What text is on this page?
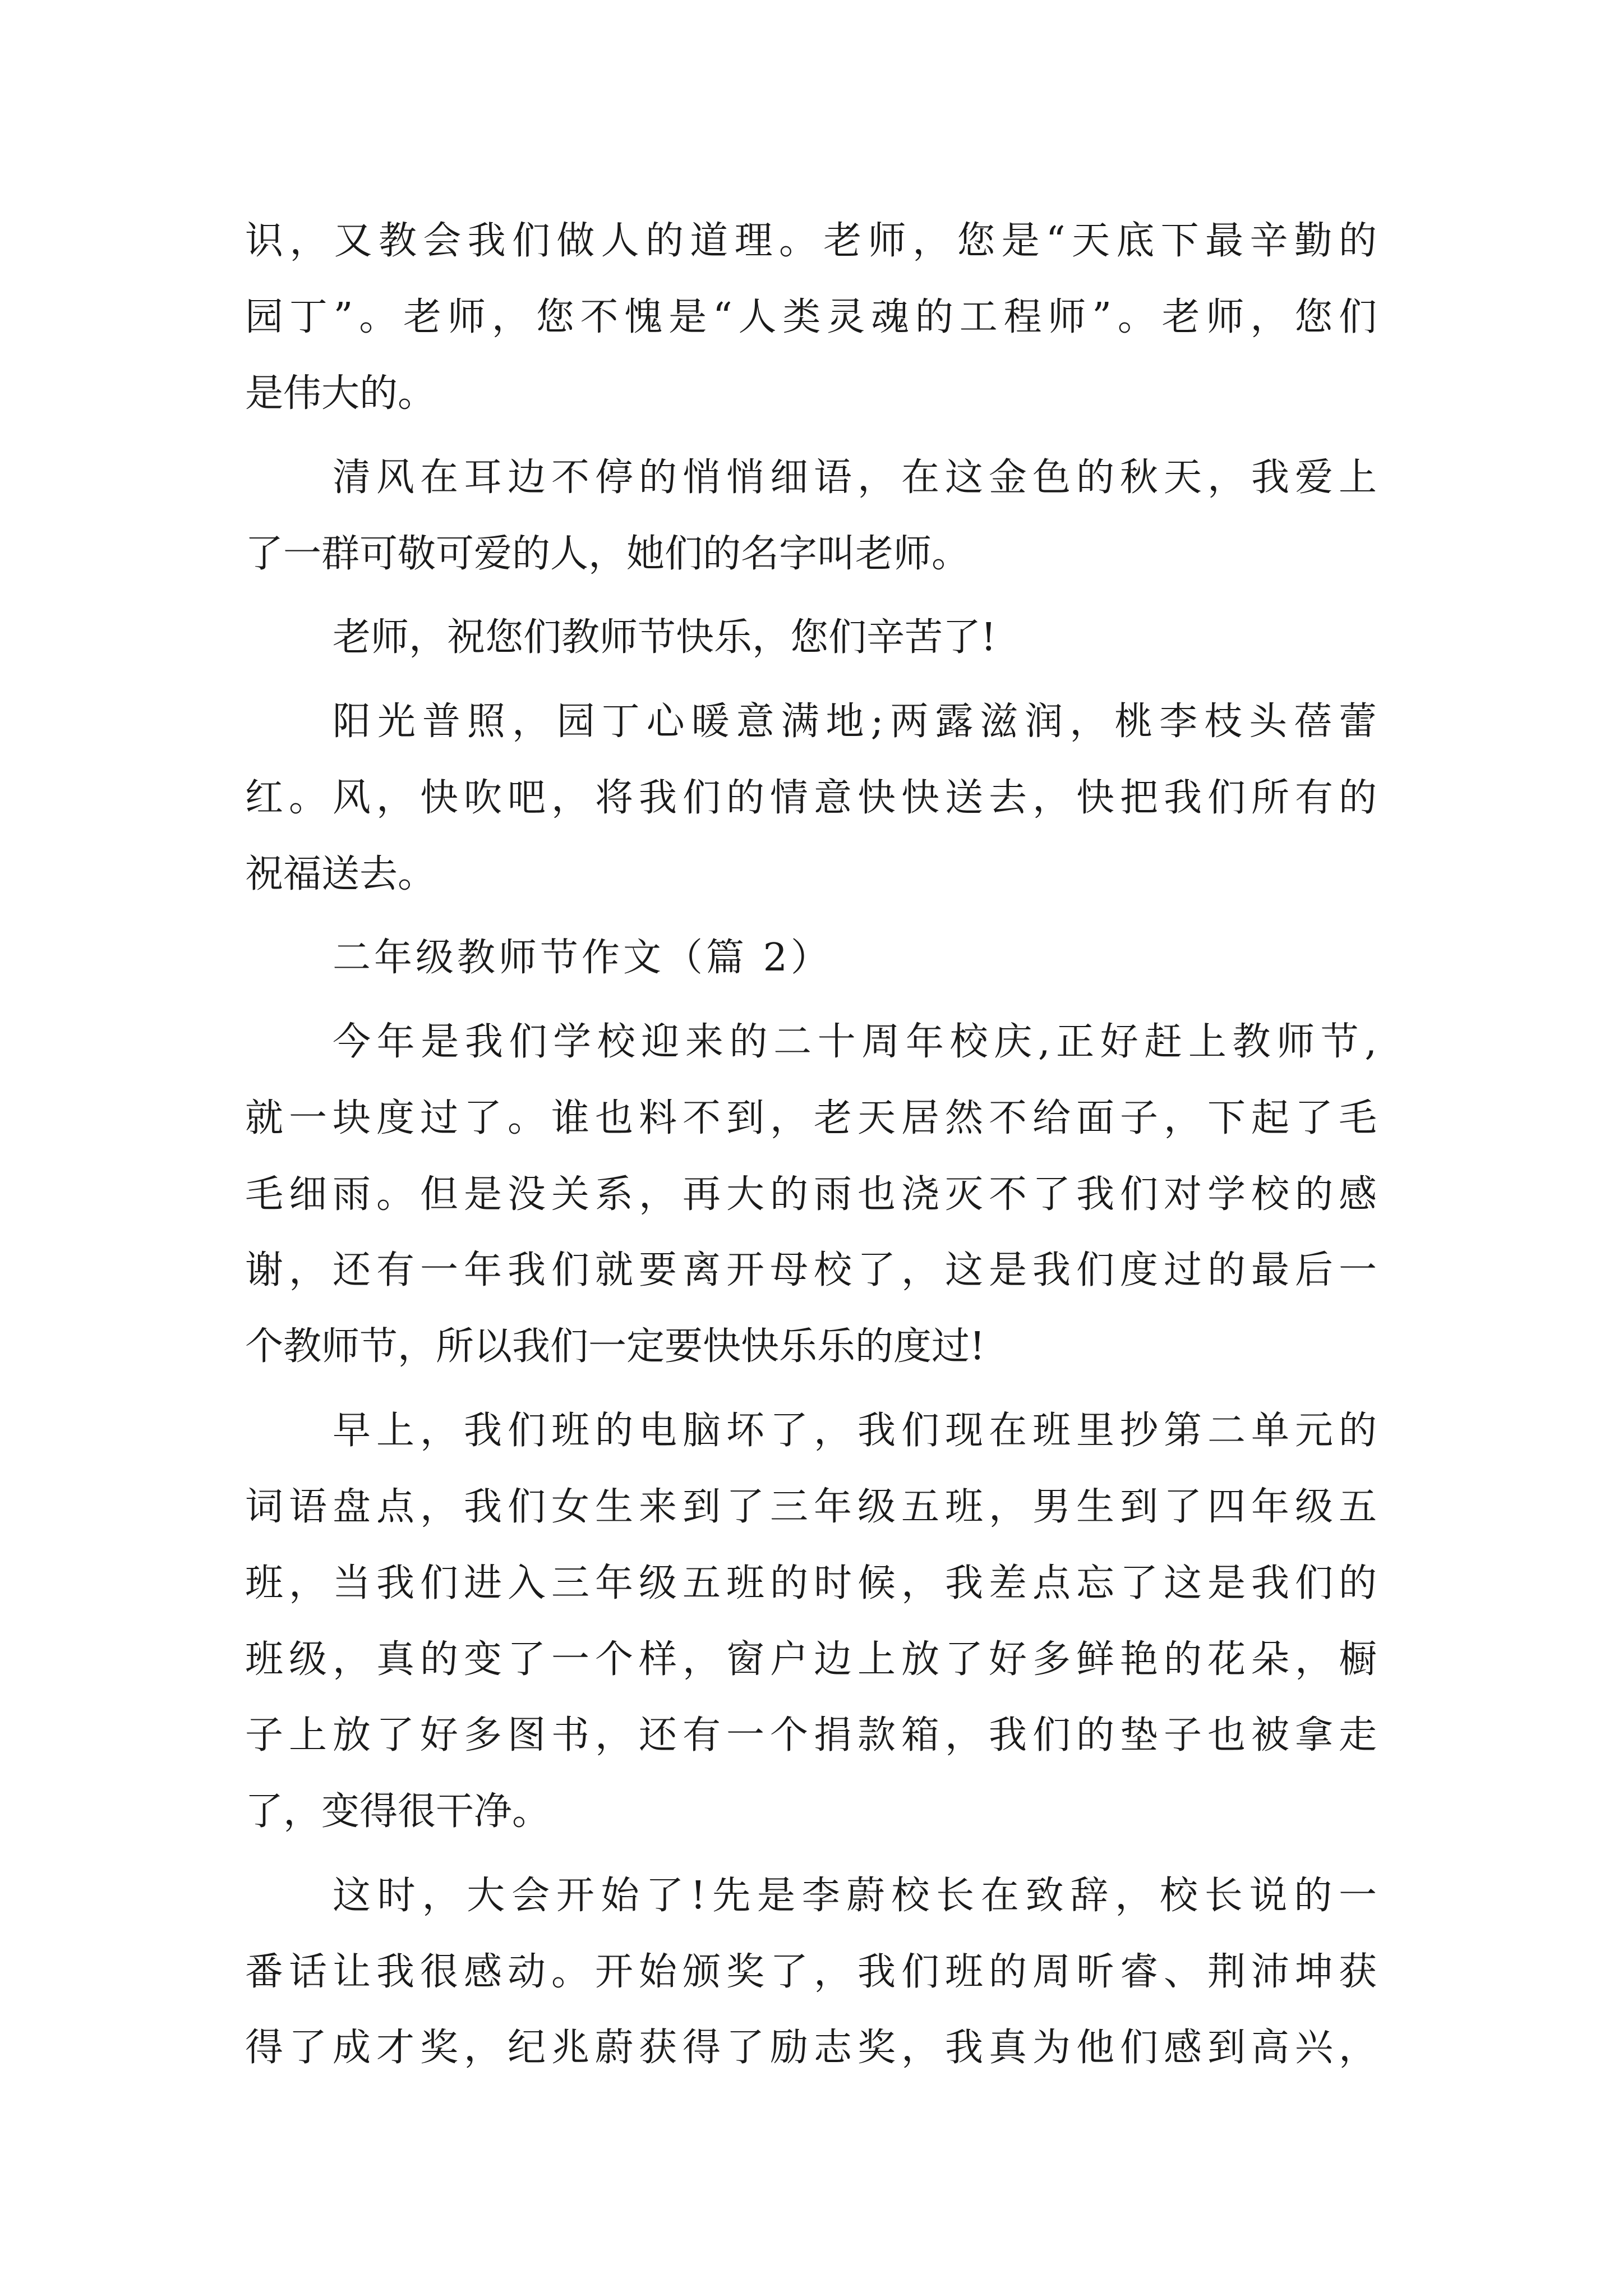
识，又教会我们做人的道理。老师，您是“天底下最辛勤的
园丁”。老师，您不愧是“人类灵魂的工程师”。老师，您们
是伟大的。
清风在耳边不停的悄悄细语，在这金色的秋天，我爱上
了一群可敬可爱的人，她们的名字叫老师。
老师，祝您们教师节快乐，您们辛苦了!
阳光普照，园丁心暖意满地;两露滋润，桃李枝头蓓蕾
红。风，快吹吧，将我们的情意快快送去，快把我们所有的
祝福送去。
二年级教师节作文（篇 2）
今年是我们学校迎来的二十周年校庆,正好赶上教师节,
就一块度过了。谁也料不到，老天居然不给面子，下起了毛
毛细雨。但是没关系，再大的雨也浇灭不了我们对学校的感
谢，还有一年我们就要离开母校了，这是我们度过的最后一
个教师节，所以我们一定要快快乐乐的度过!
早上，我们班的电脑坏了，我们现在班里抄第二单元的
词语盘点，我们女生来到了三年级五班，男生到了四年级五
班，当我们进入三年级五班的时候，我差点忘了这是我们的
班级，真的变了一个样，窗户边上放了好多鲜艳的花朵，橱
子上放了好多图书，还有一个捐款箱，我们的垫子也被拿走
了，变得很干净。
这时，大会开始了!先是李蔚校长在致辞，校长说的一
番话让我很感动。开始颁奖了，我们班的周昕睿、荆沛坤获
得了成才奖，纪兆蔚获得了励志奖，我真为他们感到高兴，
